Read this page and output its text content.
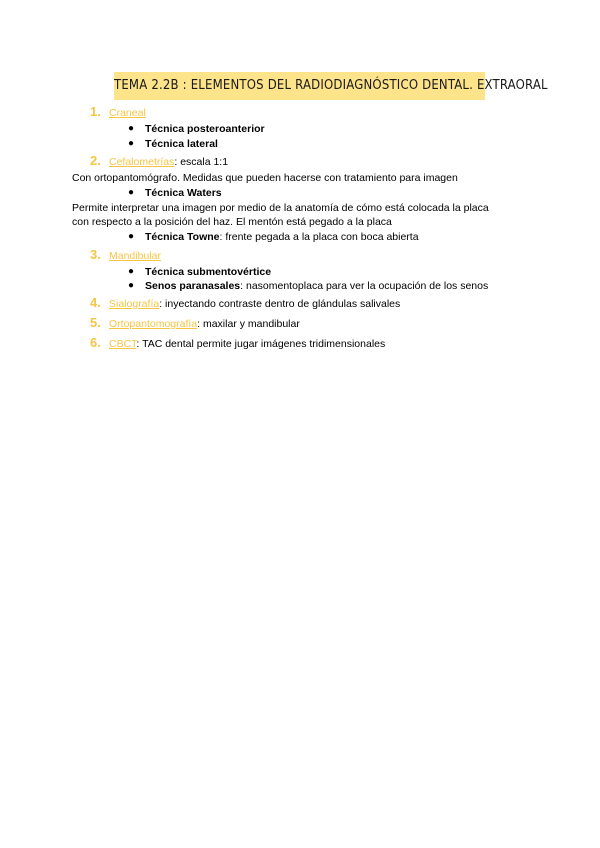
TEMA 2.2B : ELEMENTOS DEL RADIODIAGNÓSTICO DENTAL. EXTRAORAL
1. Craneal
● Técnica posteroanterior
● Técnica lateral
2. Cefalometrías: escala 1:1
Con ortopantomógrafo. Medidas que pueden hacerse con tratamiento para imagen
● Técnica Waters
Permite interpretar una imagen por medio de la anatomía de cómo está colocada la placa
con respecto a la posición del haz. El mentón está pegado a la placa
● Técnica Towne: frente pegada a la placa con boca abierta
3. Mandibular
● Técnica submentovértice
● Senos paranasales: nasomentoplaca para ver la ocupación de los senos
4. Sialografía: inyectando contraste dentro de glándulas salivales
5. Ortopantomografía: maxilar y mandibular
6. CBCT: TAC dental permite jugar imágenes tridimensionales
